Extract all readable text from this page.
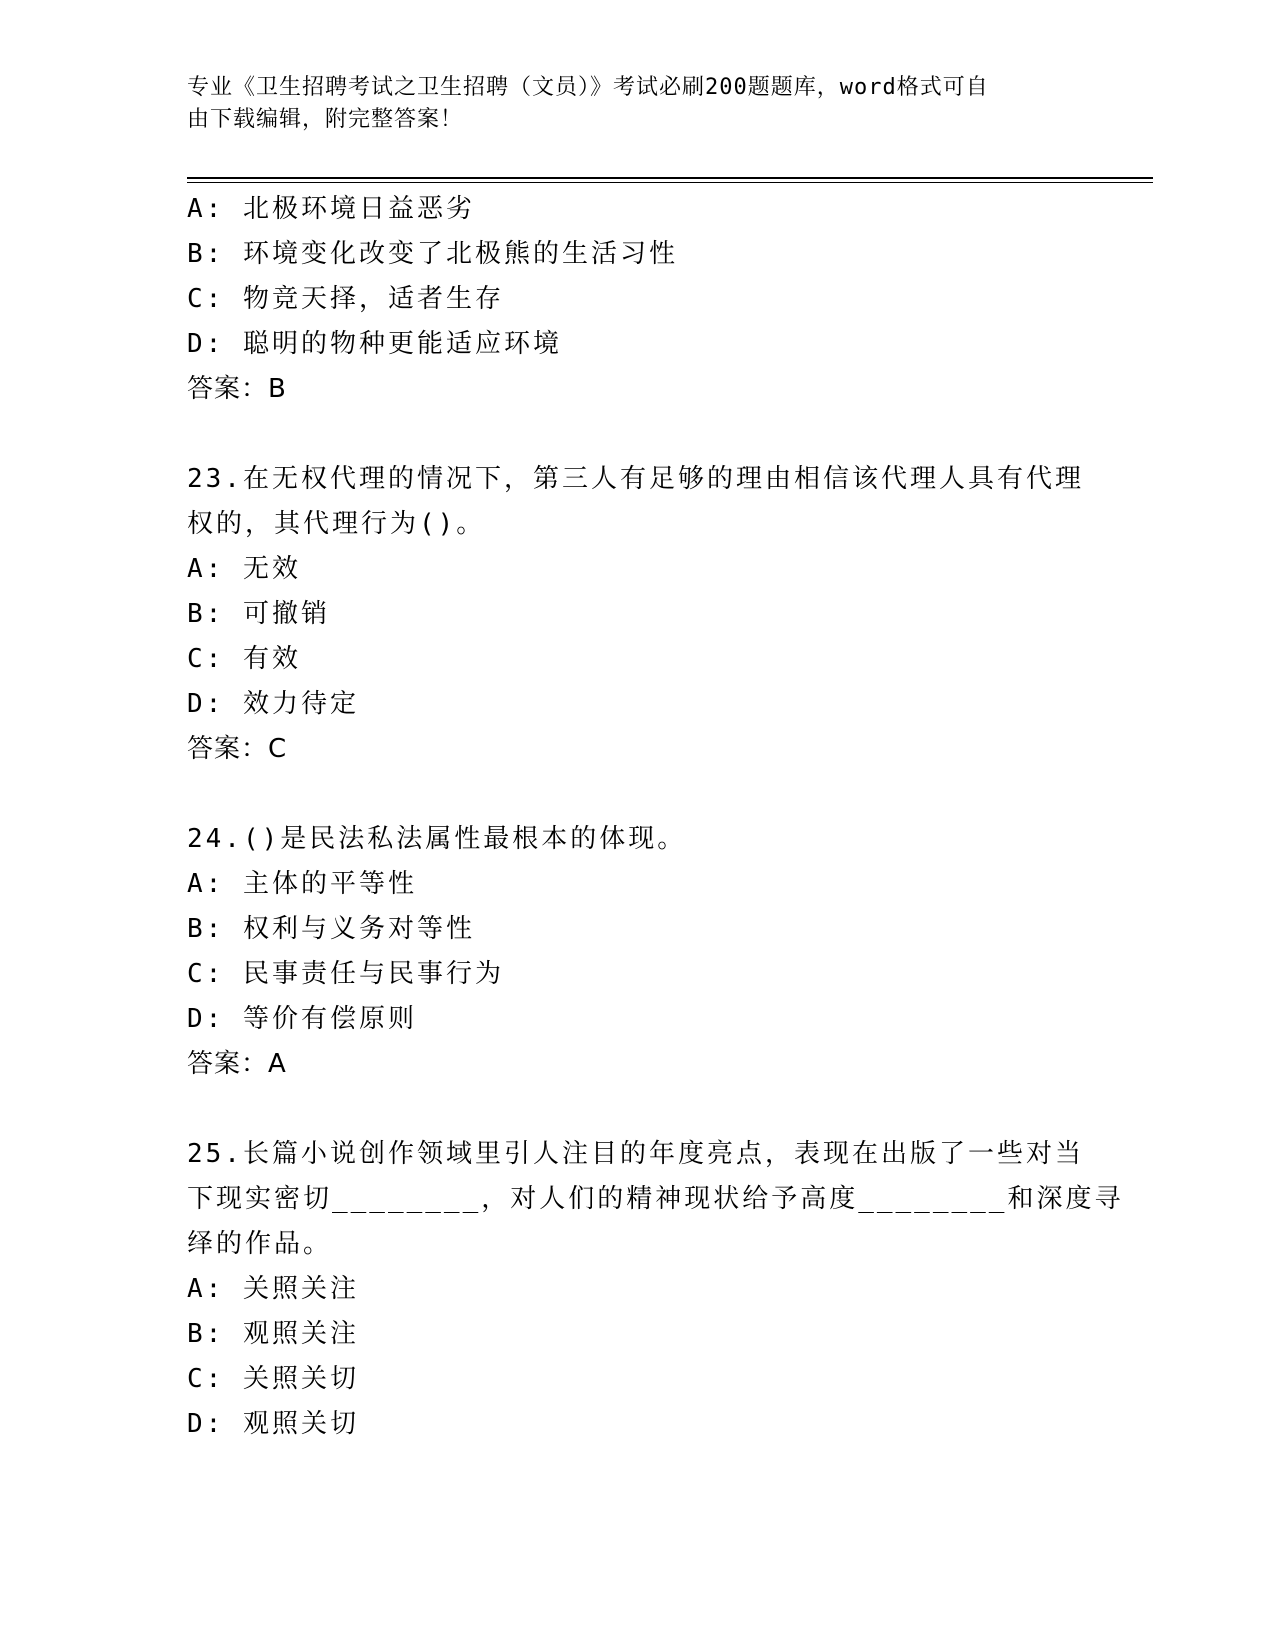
专业《卫生招聘考试之卫生招聘（文员）》考试必刷200题题库，word格式可自
由下载编辑，附完整答案！
A: 北极环境日益恶劣
B: 环境变化改变了北极熊的生活习性
C: 物竞天择，适者生存
D: 聪明的物种更能适应环境
答案：B
23.在无权代理的情况下，第三人有足够的理由相信该代理人具有代理
权的，其代理行为()。
A: 无效
B: 可撤销
C: 有效
D: 效力待定
答案：C
24.()是民法私法属性最根本的体现。
A: 主体的平等性
B: 权利与义务对等性
C: 民事责任与民事行为
D: 等价有偿原则
答案：A
25.长篇小说创作领域里引人注目的年度亮点，表现在出版了一些对当
下现实密切________，对人们的精神现状给予高度________和深度寻
绎的作品。
A: 关照关注
B: 观照关注
C: 关照关切
D: 观照关切
